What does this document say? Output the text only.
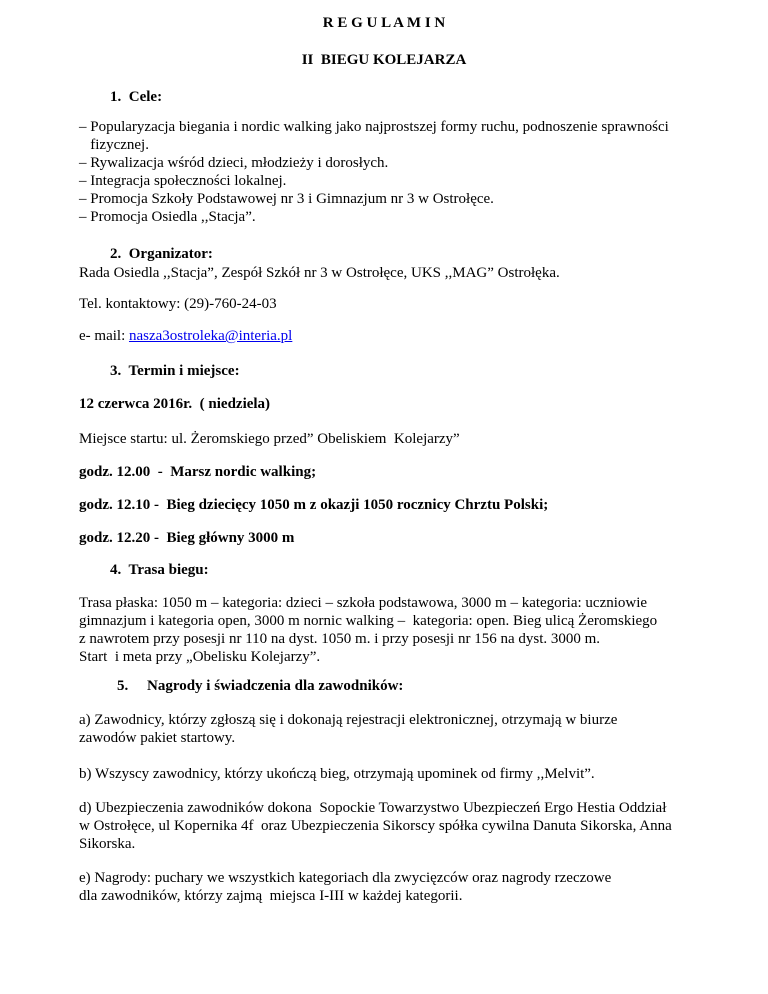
R E G U L A M I N
II  BIEGU KOLEJARZA
1.  Cele:
– Popularyzacja biegania i nordic walking jako najprostszej formy ruchu, podnoszenie sprawności
fizycznej.
– Rywalizacja wśród dzieci, młodzieży i dorosłych.
– Integracja społeczności lokalnej.
– Promocja Szkoły Podstawowej nr 3 i Gimnazjum nr 3 w Ostrołęce.
– Promocja Osiedla ,,Stacja”.
2.  Organizator:
Rada Osiedla ,,Stacja”, Zespół Szkół nr 3 w Ostrołęce, UKS ,,MAG” Ostrołęka.
Tel. kontaktowy: (29)-760-24-03
e- mail: nasza3ostroleka@interia.pl
3.  Termin i miejsce:
12 czerwca 2016r.  ( niedziela)
Miejsce startu: ul. Żeromskiego przed” Obeliskiem  Kolejarzy”
godz. 12.00  -  Marsz nordic walking;
godz. 12.10 -  Bieg dziecięcy 1050 m z okazji 1050 rocznicy Chrztu Polski;
godz. 12.20 -  Bieg główny 3000 m
4.  Trasa biegu:
Trasa płaska: 1050 m – kategoria: dzieci – szkoła podstawowa, 3000 m – kategoria: uczniowie
gimnazjum i kategoria open, 3000 m nornic walking –  kategoria: open. Bieg ulicą Żeromskiego
z nawrotem przy posesji nr 110 na dyst. 1050 m. i przy posesji nr 156 na dyst. 3000 m.
Start  i meta przy „Obelisku Kolejarzy”.
5. Nagrody i świadczenia dla zawodników:
a) Zawodnicy, którzy zgłoszą się i dokonają rejestracji elektronicznej, otrzymają w biurze
zawodów pakiet startowy.
b) Wszyscy zawodnicy, którzy ukończą bieg, otrzymają upominek od firmy ,,Melvit”.
d) Ubezpieczenia zawodników dokona  Sopockie Towarzystwo Ubezpieczeń Ergo Hestia Oddział
w Ostrołęce, ul Kopernika 4f  oraz Ubezpieczenia Sikorscy spółka cywilna Danuta Sikorska, Anna
Sikorska.
e) Nagrody: puchary we wszystkich kategoriach dla zwycięzców oraz nagrody rzeczowe
dla zawodników, którzy zajmą  miejsca I-III w każdej kategorii.
